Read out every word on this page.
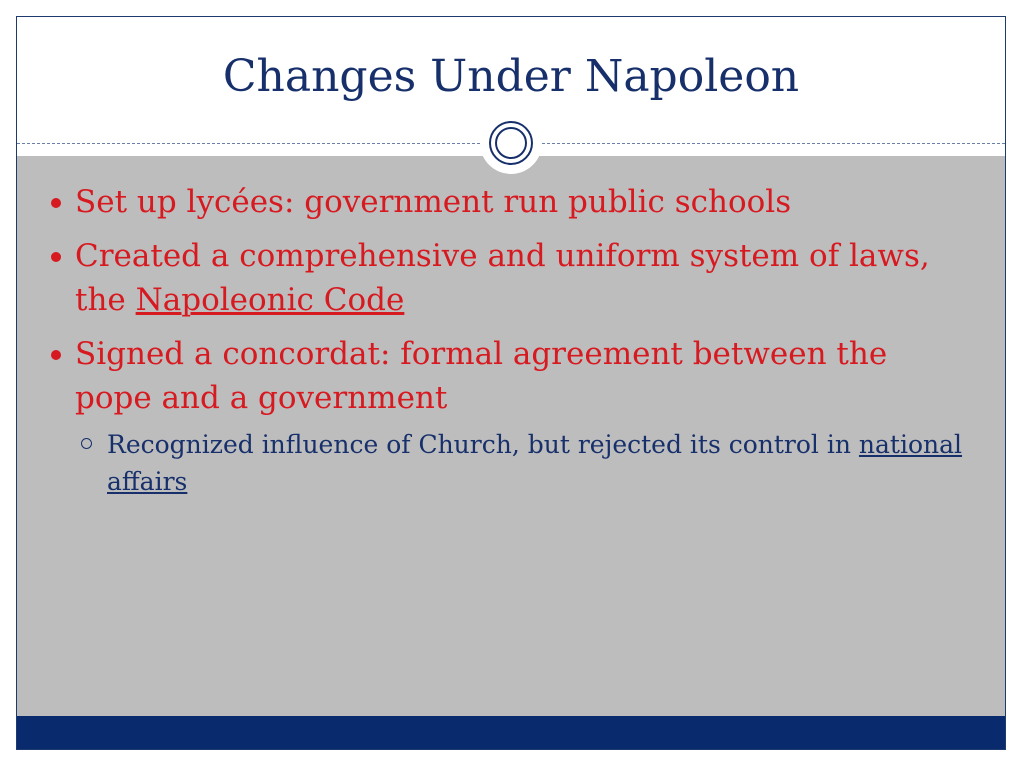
Changes Under Napoleon
Set up lycées: government run public schools
Created a comprehensive and uniform system of laws, the Napoleonic Code
Signed a concordat: formal agreement between the pope and a government
Recognized influence of Church, but rejected its control in national affairs
